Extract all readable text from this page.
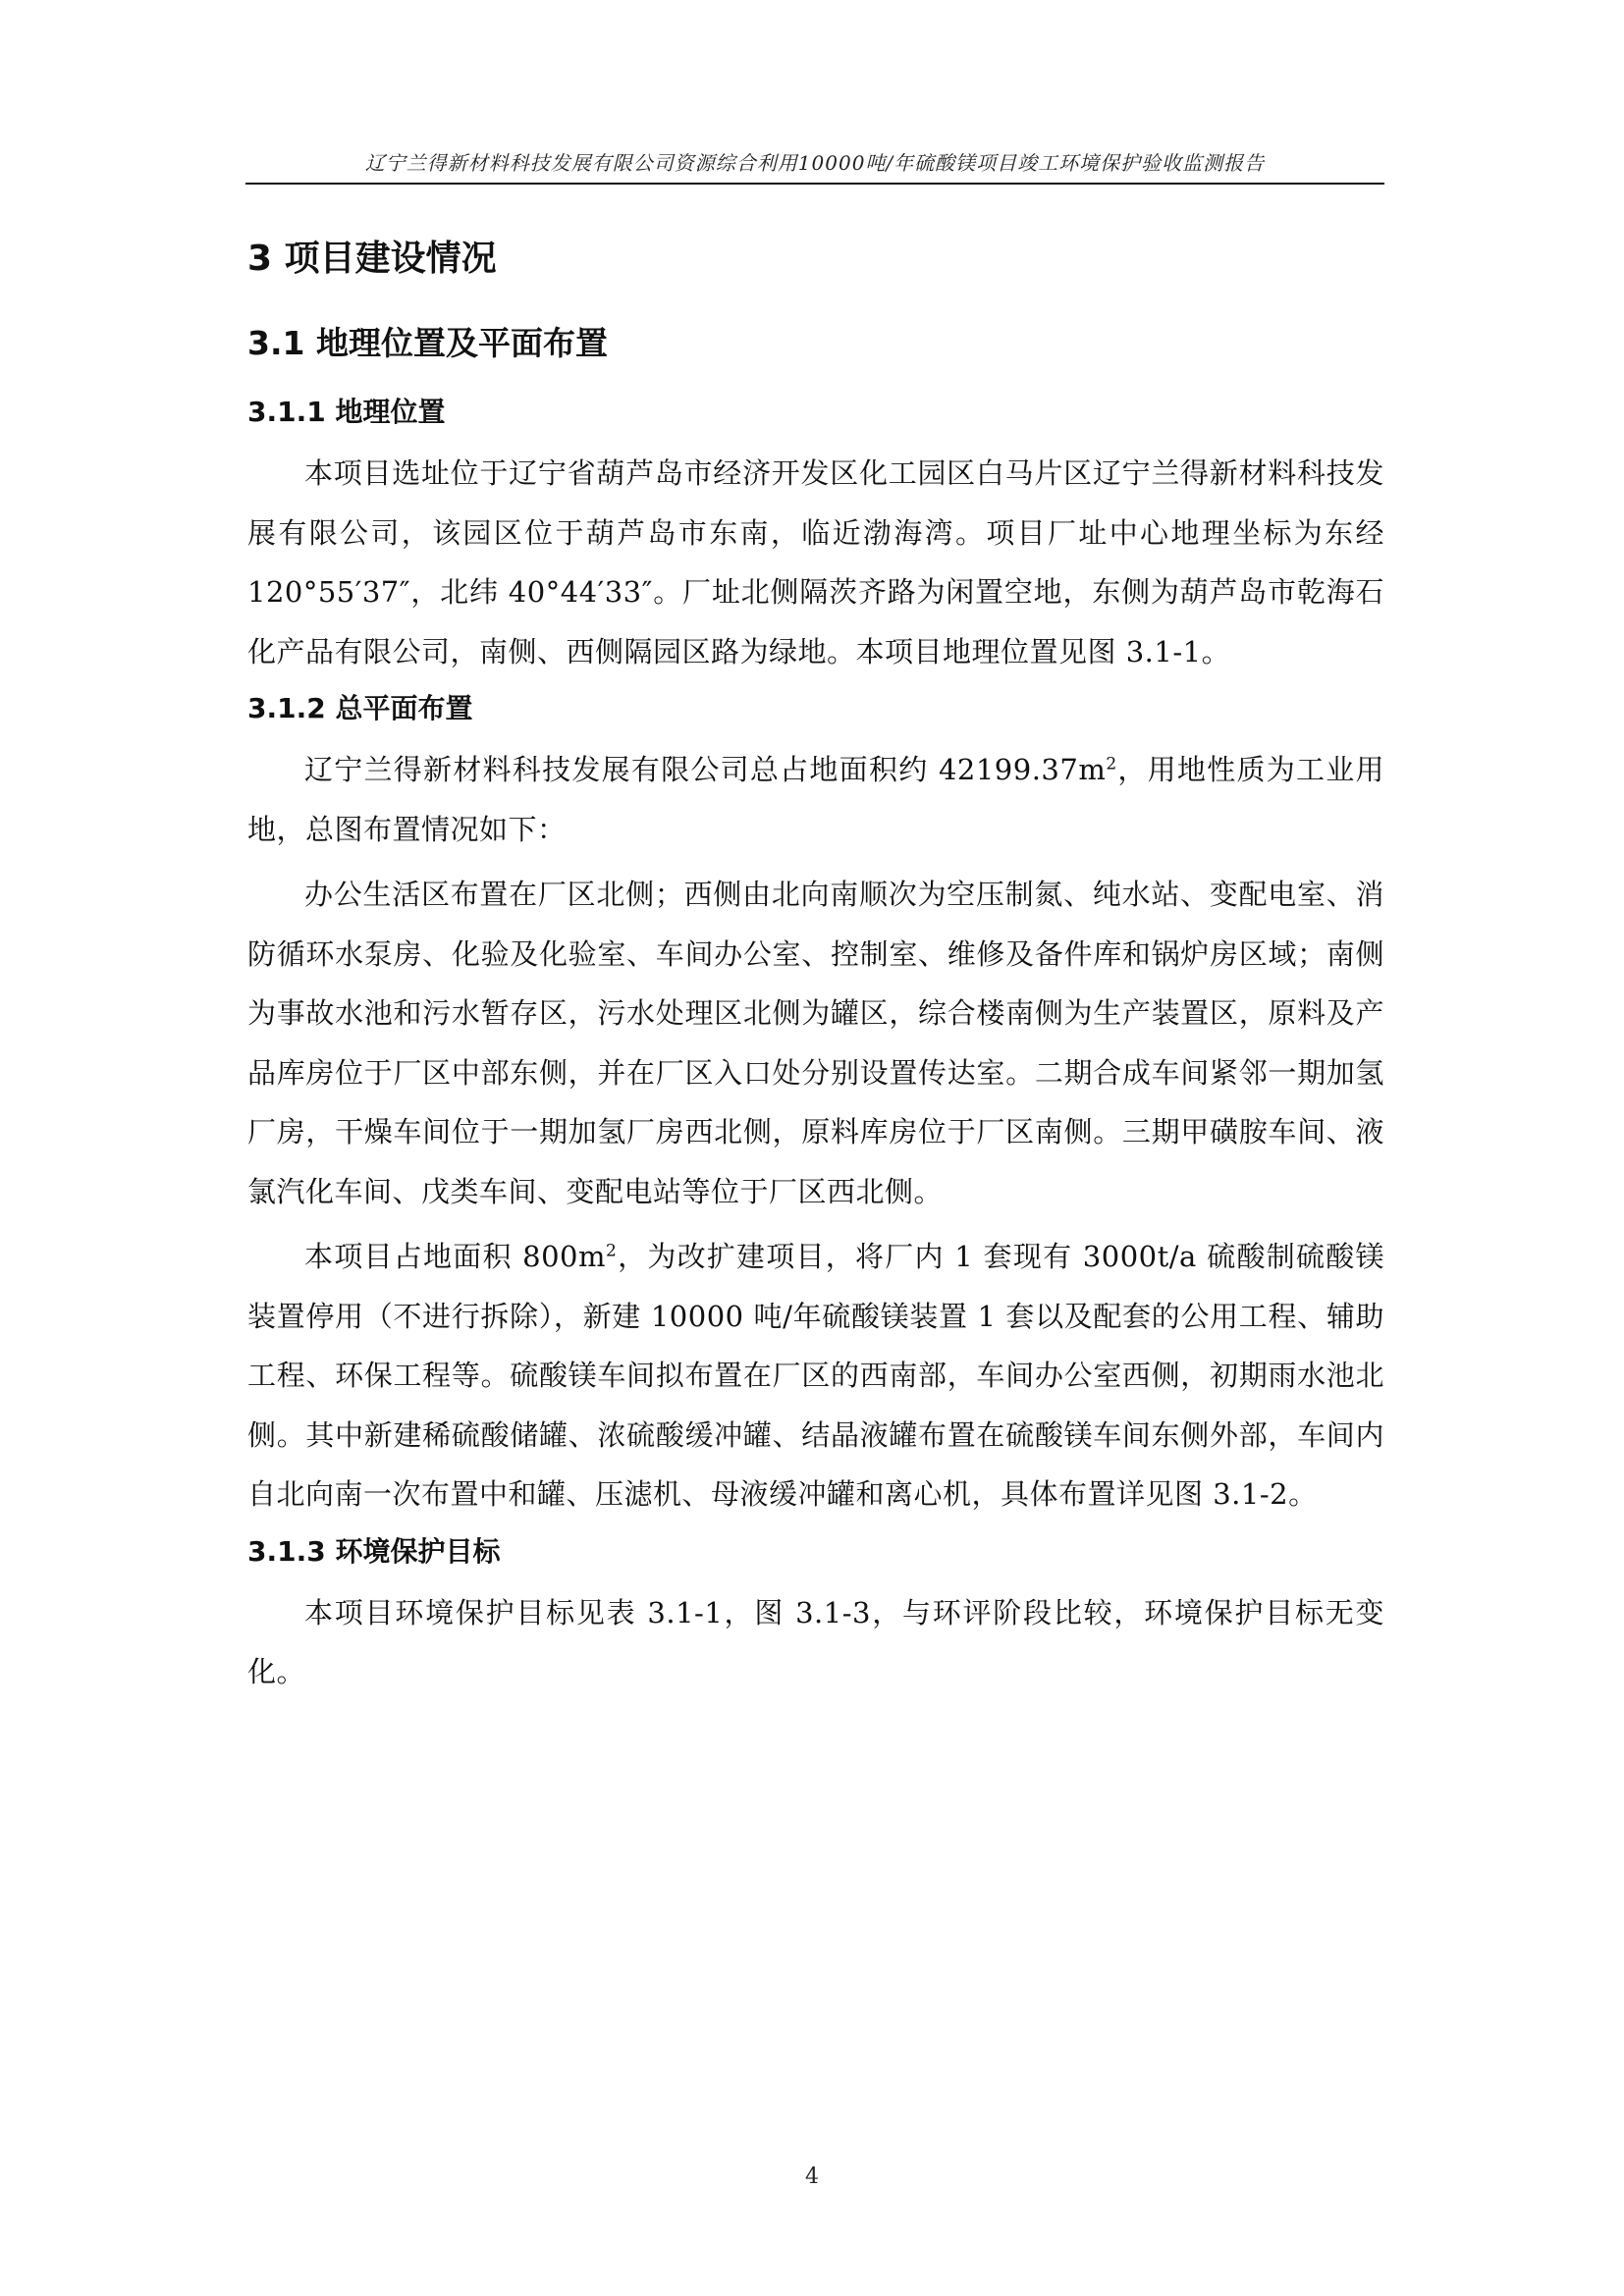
辽宁兰得新材料科技发展有限公司资源综合利用10000吨/年硫酸镁项目竣工环境保护验收监测报告
3 项目建设情况
3.1 地理位置及平面布置
3.1.1 地理位置

本项目选址位于辽宁省葫芦岛市经济开发区化工园区白马片区辽宁兰得新材料科技发展有限公司，该园区位于葫芦岛市东南，临近渤海湾。项目厂址中心地理坐标为东经 120°55′37″，北纬 40°44′33″。厂址北侧隔茨齐路为闲置空地，东侧为葫芦岛市乾海石化产品有限公司，南侧、西侧隔园区路为绿地。本项目地理位置见图 3.1-1。

3.1.2 总平面布置

辽宁兰得新材料科技发展有限公司总占地面积约 $42199.37m^2$，用地性质为工业用地，总图布置情况如下：

办公生活区布置在厂区北侧；西侧由北向南顺次为空压制氮、纯水站、变配电室、消防循环水泵房、化验及化验室、车间办公室、控制室、维修及备件库和锅炉房区域；南侧为事故水池和污水暂存区，污水处理区北侧为罐区，综合楼南侧为生产装置区，原料及产品库房位于厂区中部东侧，并在厂区入口处分别设置传达室。二期合成车间紧邻一期加氢厂房，干燥车间位于一期加氢厂房西北侧，原料库房位于厂区南侧。三期甲磺胺车间、液氯汽化车间、戊类车间、变配电站等位于厂区西北侧。

本项目占地面积 $800m^2$，为改扩建项目，将厂内 1 套现有 3000t/a 硫酸制硫酸镁装置停用（不进行拆除），新建 10000 吨/年硫酸镁装置 1 套以及配套的公用工程、辅助工程、环保工程等。硫酸镁车间拟布置在厂区的西南部，车间办公室西侧，初期雨水池北侧。其中新建稀硫酸储罐、浓硫酸缓冲罐、结晶液罐布置在硫酸镁车间东侧外部，车间内自北向南一次布置中和罐、压滤机、母液缓冲罐和离心机，具体布置详见图 3.1-2。

3.1.3 环境保护目标

本项目环境保护目标见表 3.1-1，图 3.1-3，与环评阶段比较，环境保护目标无变化。

4
